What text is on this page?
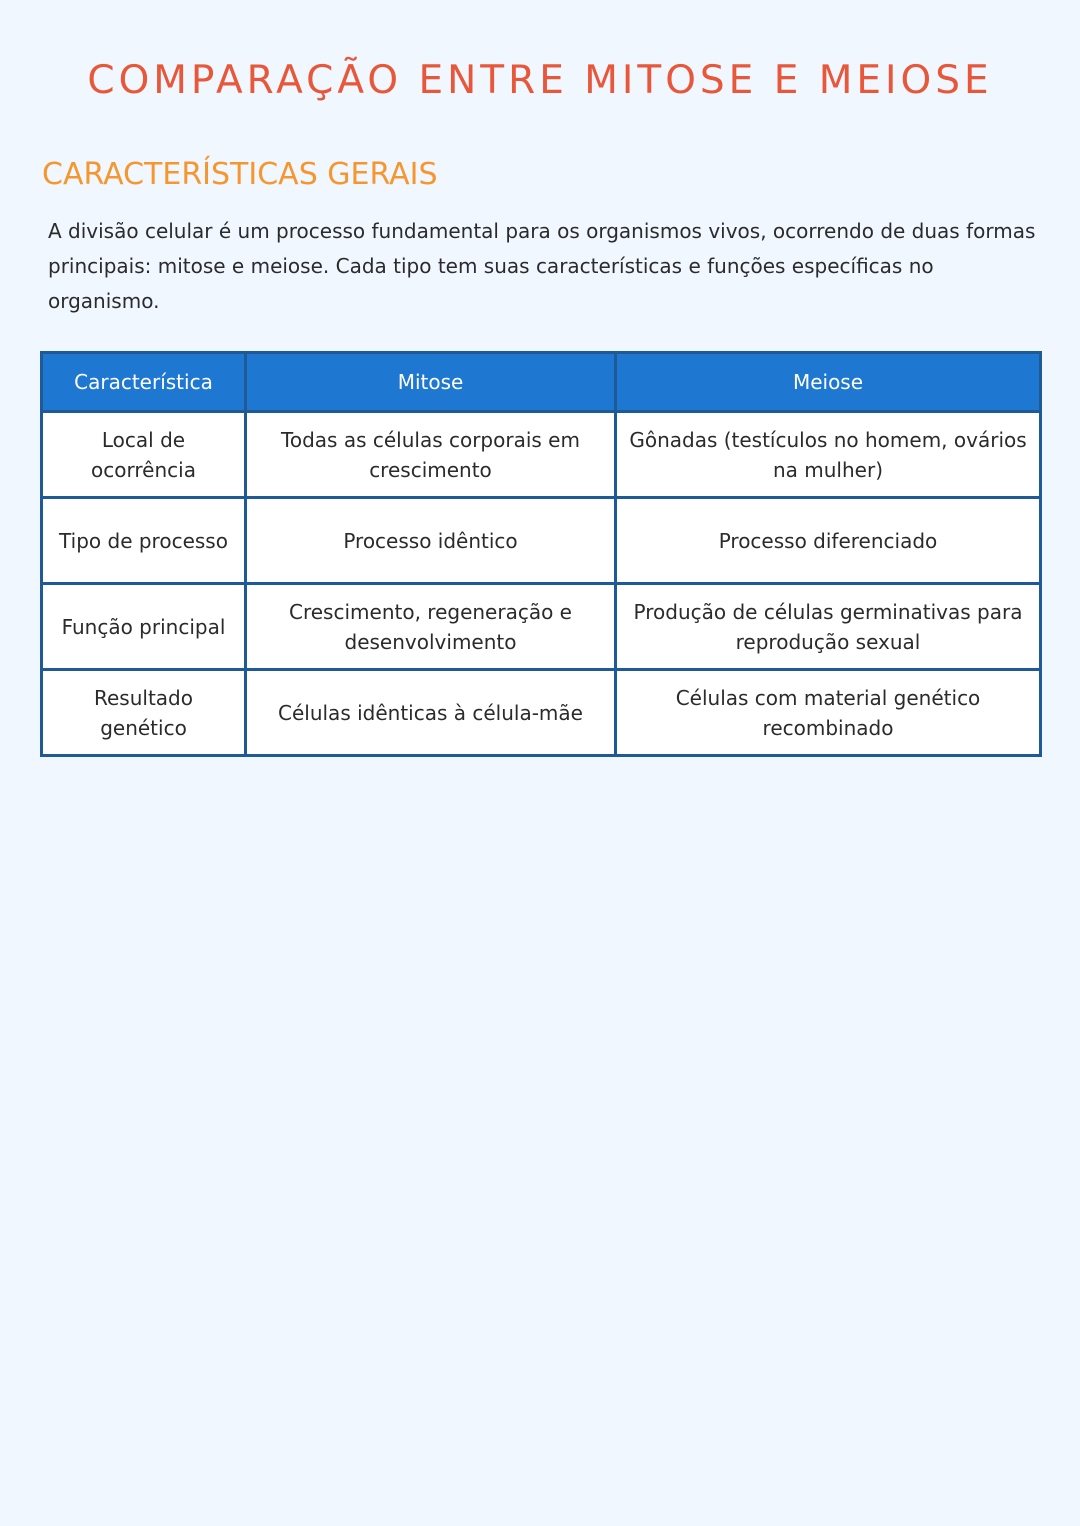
COMPARAÇÃO ENTRE MITOSE E MEIOSE
CARACTERÍSTICAS GERAIS

A divisão celular é um processo fundamental para os organismos vivos, ocorrendo de duas formas principais: mitose e meiose. Cada tipo tem suas características e funções específicas no organismo.

Característica	Mitose	Meiose
Local de ocorrência	Todas as células corporais em crescimento	Gônadas (testículos no homem, ovários na mulher)
Tipo de processo	Processo idêntico	Processo diferenciado
Função principal	Crescimento, regeneração e desenvolvimento	Produção de células germinativas para reprodução sexual
Resultado genético	Células idênticas à célula-mãe	Células com material genético recombinado
